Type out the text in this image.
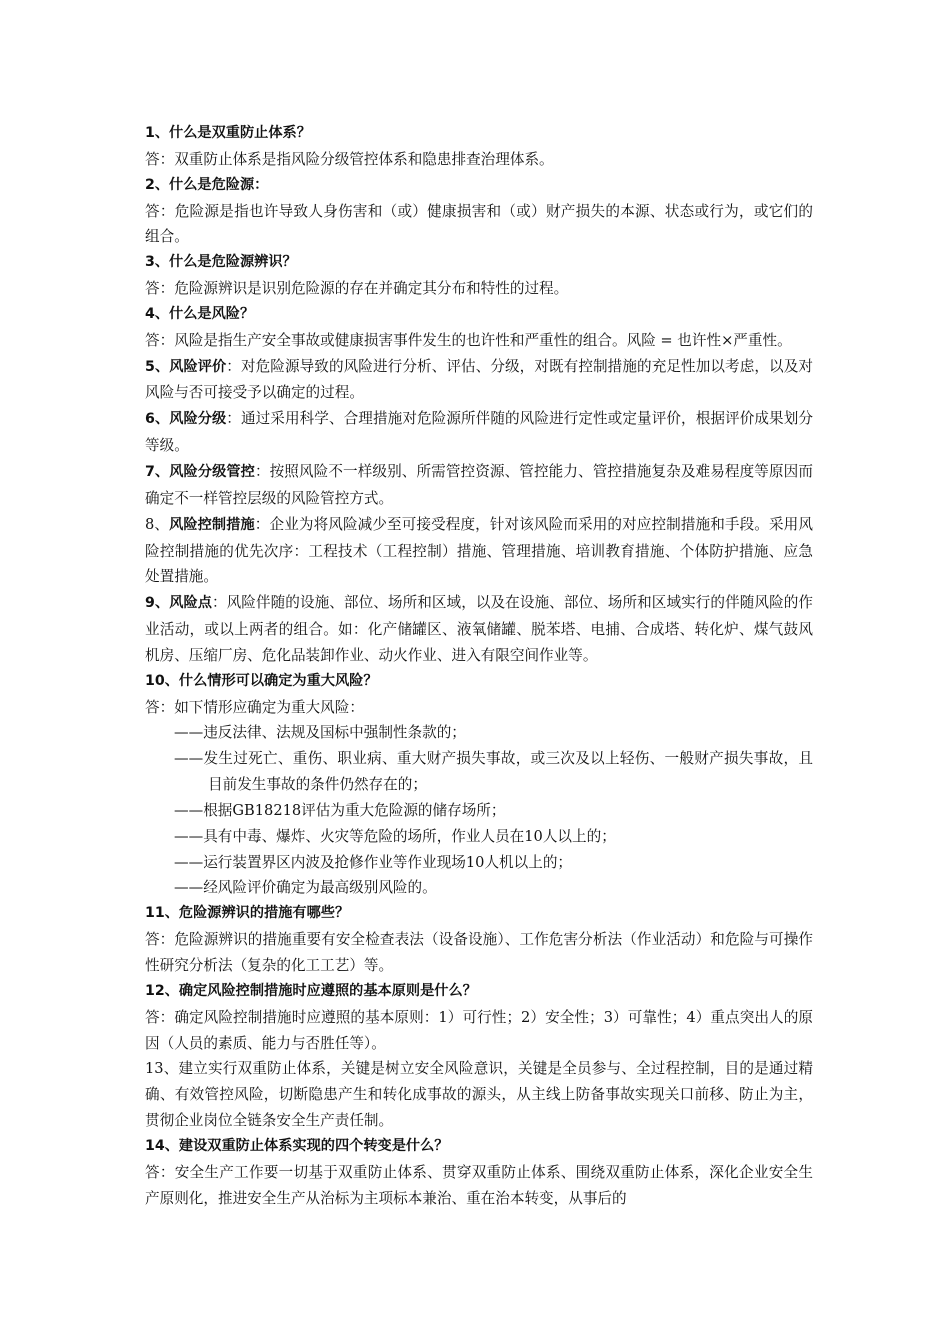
1、什么是双重防止体系？

答：双重防止体系是指风险分级管控体系和隐患排查治理体系。

2、什么是危险源：

答：危险源是指也许导致人身伤害和（或）健康损害和（或）财产损失的本源、状态或行为，或它们的组合。

3、什么是危险源辨识？

答：危险源辨识是识别危险源的存在并确定其分布和特性的过程。

4、什么是风险？

答：风险是指生产安全事故或健康损害事件发生的也许性和严重性的组合。风险 = 也许性×严重性。

5、风险评价：对危险源导致的风险进行分析、评估、分级，对既有控制措施的充足性加以考虑，以及对风险与否可接受予以确定的过程。

6、风险分级：通过采用科学、合理措施对危险源所伴随的风险进行定性或定量评价，根据评价成果划分等级。

7、风险分级管控：按照风险不一样级别、所需管控资源、管控能力、管控措施复杂及难易程度等原因而确定不一样管控层级的风险管控方式。

8、风险控制措施：企业为将风险减少至可接受程度，针对该风险而采用的对应控制措施和手段。采用风险控制措施的优先次序：工程技术（工程控制）措施、管理措施、培训教育措施、个体防护措施、应急处置措施。

9、风险点：风险伴随的设施、部位、场所和区域，以及在设施、部位、场所和区域实行的伴随风险的作业活动，或以上两者的组合。如：化产储罐区、液氧储罐、脱苯塔、电捕、合成塔、转化炉、煤气鼓风机房、压缩厂房、危化品装卸作业、动火作业、进入有限空间作业等。

10、什么情形可以确定为重大风险？

答：如下情形应确定为重大风险：

——违反法律、法规及国标中强制性条款的；

——发生过死亡、重伤、职业病、重大财产损失事故，或三次及以上轻伤、一般财产损失事故，且目前发生事故的条件仍然存在的；

——根据GB18218评估为重大危险源的储存场所；

——具有中毒、爆炸、火灾等危险的场所，作业人员在10人以上的；

——运行装置界区内波及抢修作业等作业现场10人机以上的；

——经风险评价确定为最高级别风险的。

11、危险源辨识的措施有哪些？

答：危险源辨识的措施重要有安全检查表法（设备设施）、工作危害分析法（作业活动）和危险与可操作性研究分析法（复杂的化工工艺）等。

12、确定风险控制措施时应遵照的基本原则是什么？

答：确定风险控制措施时应遵照的基本原则：1）可行性；2）安全性；3）可靠性；4）重点突出人的原因（人员的素质、能力与否胜任等）。

13、建立实行双重防止体系，关键是树立安全风险意识，关键是全员参与、全过程控制，目的是通过精确、有效管控风险，切断隐患产生和转化成事故的源头，从主线上防备事故实现关口前移、防止为主，贯彻企业岗位全链条安全生产责任制。

14、建设双重防止体系实现的四个转变是什么？

答：安全生产工作要一切基于双重防止体系、贯穿双重防止体系、围绕双重防止体系，深化企业安全生产原则化，推进安全生产从治标为主项标本兼治、重在治本转变，从事后的
